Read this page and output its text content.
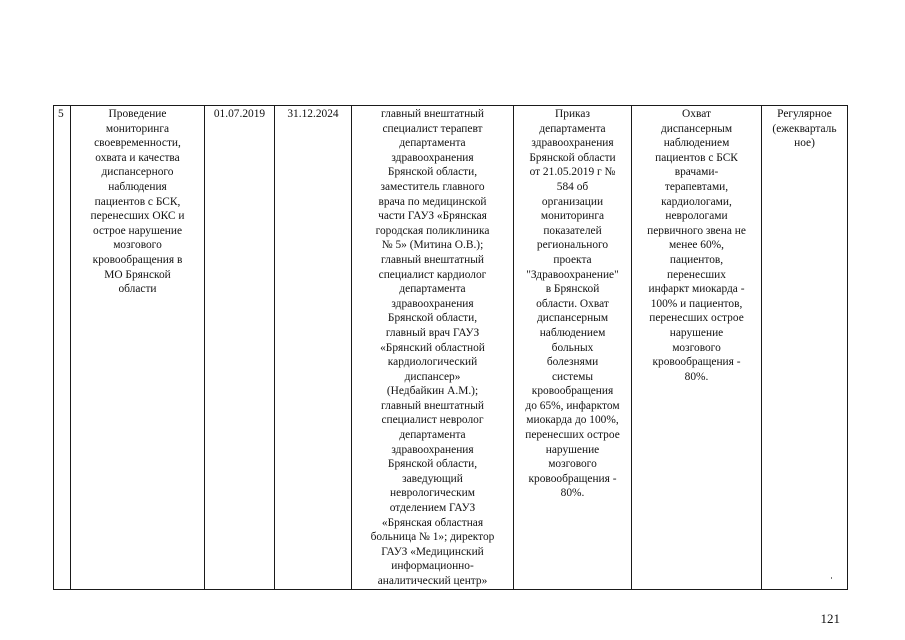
5	Проведение
мониторинга
своевременности,
охвата и качества
диспансерного
наблюдения
пациентов с БСК,
перенесших ОКС и
острое нарушение
мозгового
кровообращения в
МО Брянской
области	01.07.2019	31.12.2024	главный внештатный
специалист терапевт
департамента
здравоохранения
Брянской области,
заместитель главного
врача по медицинской
части ГАУЗ «Брянская
городская поликлиника
№ 5» (Митина О.В.);
главный внештатный
специалист кардиолог
департамента
здравоохранения
Брянской области,
главный врач ГАУЗ
«Брянский областной
кардиологический
диспансер»
(Недбайкин А.М.);
главный внештатный
специалист невролог
департамента
здравоохранения
Брянской области,
заведующий
неврологическим
отделением ГАУЗ
«Брянская областная
больница № 1»; директор
ГАУЗ «Медицинский
информационно-
аналитический центр»	Приказ
департамента
здравоохранения
Брянской области
от 21.05.2019 г №
584 об
организации
мониторинга
показателей
регионального
проекта
"Здравоохранение"
в Брянской
области. Охват
диспансерным
наблюдением
больных
болезнями
системы
кровообращения
до 65%, инфарктом
миокарда до 100%,
перенесших острое
нарушение
мозгового
кровообращения -
80%.	Охват
диспансерным
наблюдением
пациентов с БСК
врачами-
терапевтами,
кардиологами,
неврологами
первичного звена не
менее 60%,
пациентов,
перенесших
инфаркт миокарда -
100% и пациентов,
перенесших острое
нарушение
мозгового
кровообращения -
80%.	Регулярное
(ежекварталь
ное)
121
